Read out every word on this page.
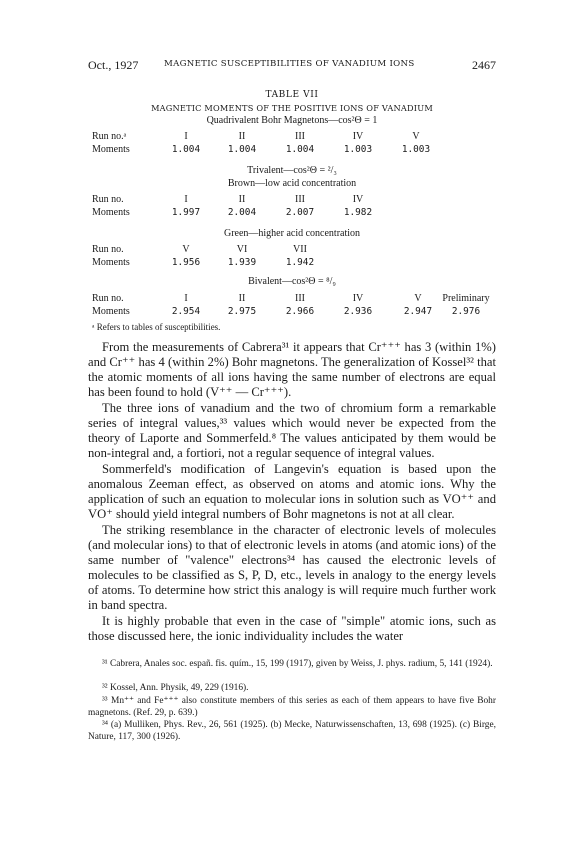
Oct., 1927	MAGNETIC SUSCEPTIBILITIES OF VANADIUM IONS	2467
TABLE VII
MAGNETIC MOMENTS OF THE POSITIVE IONS OF VANADIUM
Quadrivalent Bohr Magnetons—cos²Θ = 1
Run no.ᵃ	I	II	III	IV	V
Moments	1.004	1.004	1.004	1.003	1.003
Trivalent—cos²Θ = ²/₃
Brown—low acid concentration
Run no.	I	II	III	IV
Moments	1.997	2.004	2.007	1.982
Green—higher acid concentration
Run no.	V	VI	VII
Moments	1.956	1.939	1.942
Bivalent—cos²Θ = ⁸/₉
Run no.	I	II	III	IV	V	Preliminary
Moments	2.954	2.975	2.966	2.936	2.947	2.976
ᵃ Refers to tables of susceptibilities.

From the measurements of Cabrera³¹ it appears that Cr⁺⁺⁺ has 3 (within 1%) and Cr⁺⁺ has 4 (within 2%) Bohr magnetons. The generalization of Kossel³² that the atomic moments of all ions having the same number of electrons are equal has been found to hold (V⁺⁺ — Cr⁺⁺⁺).

The three ions of vanadium and the two of chromium form a remarkable series of integral values,³³ values which would never be expected from the theory of Laporte and Sommerfeld.⁸ The values anticipated by them would be non-integral and, a fortiori, not a regular sequence of integral values.

Sommerfeld's modification of Langevin's equation is based upon the anomalous Zeeman effect, as observed on atoms and atomic ions. Why the application of such an equation to molecular ions in solution such as VO⁺⁺ and VO⁺ should yield integral numbers of Bohr magnetons is not at all clear.

The striking resemblance in the character of electronic levels of molecules (and molecular ions) to that of electronic levels in atoms (and atomic ions) of the same number of "valence" electrons³⁴ has caused the electronic levels of molecules to be classified as S, P, D, etc., levels in analogy to the energy levels of atoms. To determine how strict this analogy is will require much further work in band spectra.

It is highly probable that even in the case of "simple" atomic ions, such as those discussed here, the ionic individuality includes the water

³¹ Cabrera, Anales soc. españ. fis. quím., 15, 199 (1917), given by Weiss, J. phys. radium, 5, 141 (1924).

³² Kossel, Ann. Physik, 49, 229 (1916).

³³ Mn⁺⁺ and Fe⁺⁺⁺ also constitute members of this series as each of them appears to have five Bohr magnetons. (Ref. 29, p. 639.)

³⁴ (a) Mulliken, Phys. Rev., 26, 561 (1925). (b) Mecke, Naturwissenschaften, 13, 698 (1925). (c) Birge, Nature, 117, 300 (1926).
